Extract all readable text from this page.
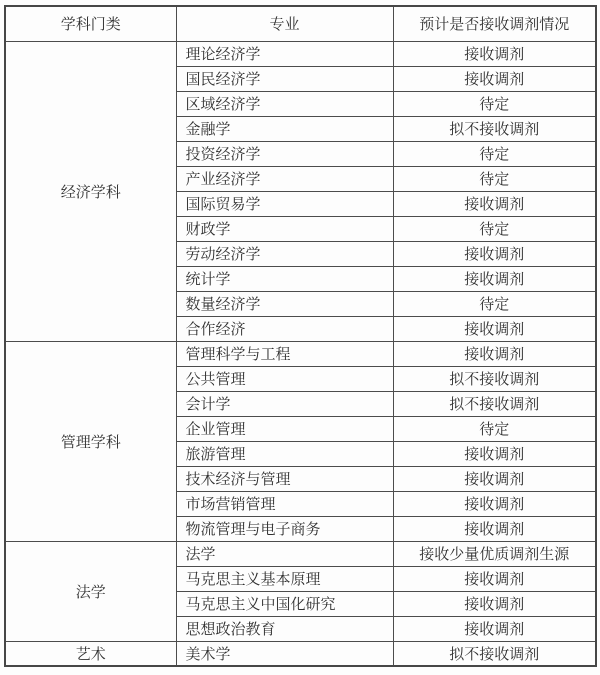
学科门类	专业	预计是否接收调剂情况
经济学科	理论经济学	接收调剂
	国民经济学	接收调剂
	区域经济学	待定
	金融学	拟不接收调剂
	投资经济学	待定
	产业经济学	待定
	国际贸易学	接收调剂
	财政学	待定
	劳动经济学	接收调剂
	统计学	接收调剂
	数量经济学	待定
	合作经济	接收调剂
管理学科	管理科学与工程	接收调剂
	公共管理	拟不接收调剂
	会计学	拟不接收调剂
	企业管理	待定
	旅游管理	接收调剂
	技术经济与管理	接收调剂
	市场营销管理	接收调剂
	物流管理与电子商务	接收调剂
法学	法学	接收少量优质调剂生源
	马克思主义基本原理	接收调剂
	马克思主义中国化研究	接收调剂
	思想政治教育	接收调剂
艺术	美术学	拟不接收调剂
